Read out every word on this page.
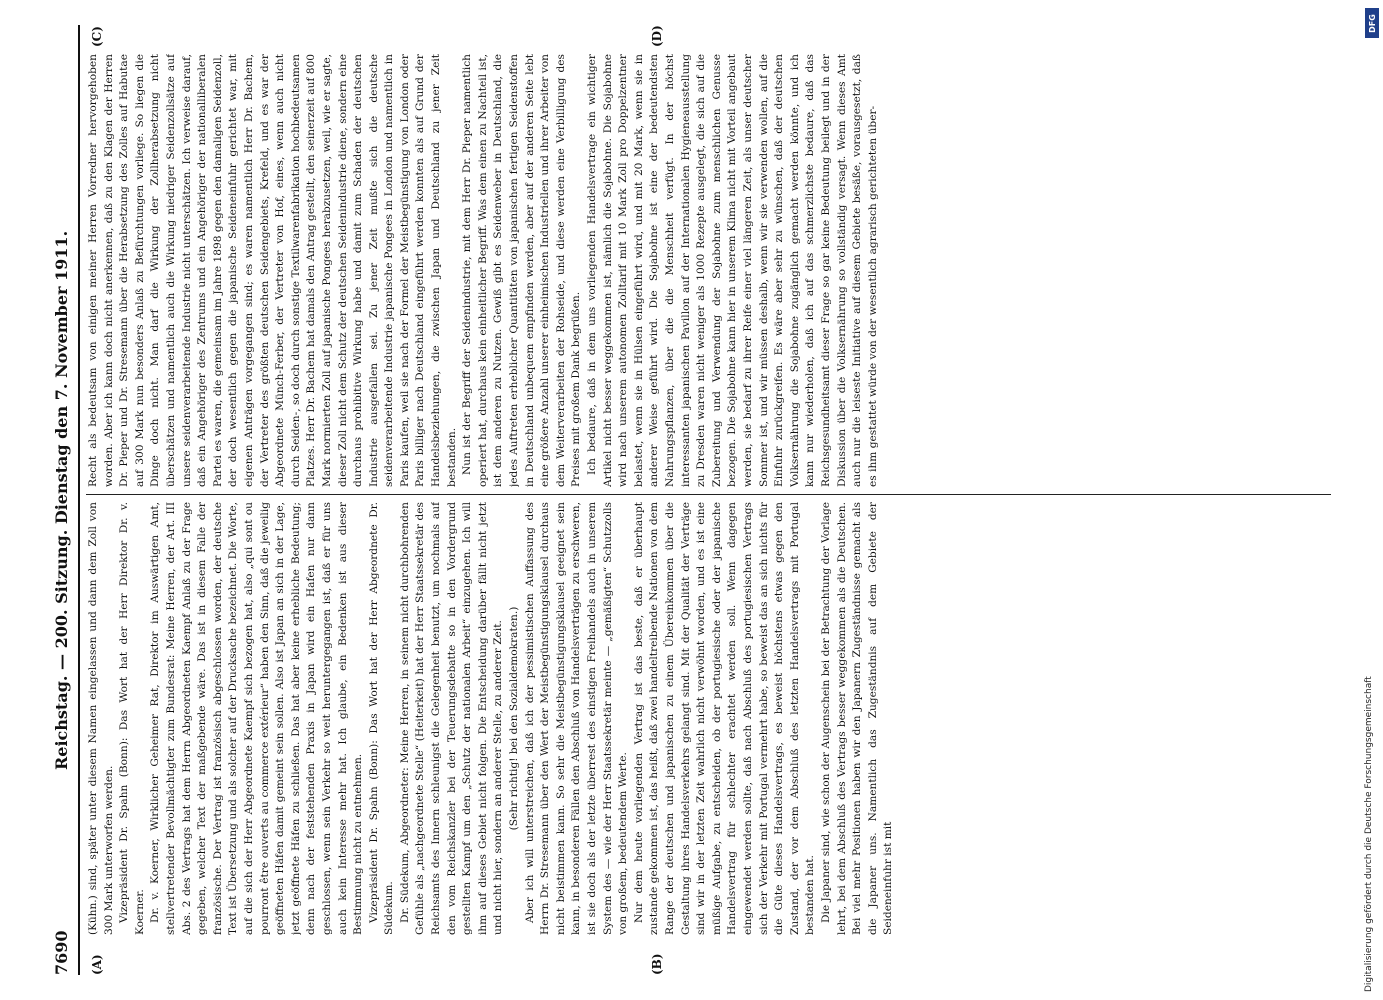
7690
Reichstag. — 200. Sitzung. Dienstag den 7. November 1911.
(A)	(B)

(Kühn.) sind, später unter diesem Namen eingelassen und dann dem Zoll von 300 Mark unterworfen werden. Vizepräsident Dr. Spahn (Bonn): Das Wort hat der Herr Direktor Dr. v. Koerner. Dr. v. Koerner, Wirklicher Geheimer Rat, Direktor im Auswärtigen Amt, stellvertretender Bevollmächtigter zum Bundesrat: Meine Herren, der Art. III Abs. 2 des Vertrags hat dem Herrn Abgeordneten Kaempf Anlaß zu der Frage gegeben, welcher Text der maßgebende wäre. Das ist in diesem Falle der französische. Der Vertrag ist französisch abgeschlossen worden, der deutsche Text ist Übersetzung und als solcher auf der Drucksache bezeichnet. Die Worte, auf die sich der Herr Abgeordnete Kaempf sich bezogen hat, also „qui sont ou pourront être ouverts au commerce extérieur“ haben den Sinn, daß die jeweilig geöffneten Häfen damit gemeint sein sollen. Also ist Japan an sich in der Lage, jetzt geöffnete Häfen zu schließen. Das hat aber keine erhebliche Bedeutung; denn nach der feststehenden Praxis in Japan wird ein Hafen nur dann geschlossen, wenn sein Verkehr so weit heruntergegangen ist, daß er für uns auch kein Interesse mehr hat. Ich glaube, ein Bedenken ist aus dieser Bestimmung nicht zu entnehmen. Vizepräsident Dr. Spahn (Bonn): Das Wort hat der Herr Abgeordnete Dr. Südekum. Dr. Südekum, Abgeordneter: Meine Herren, in seinem nicht durchbohrenden Gefühle als „nachgeordnete Stelle“ (Heiterkeit) hat der Herr Staatssekretär des Reichsamts des Innern schleunigst die Gelegenheit benutzt, um nochmals auf den vom Reichskanzler bei der Teuerungsdebatte so in den Vordergrund gestellten Kampf um den „Schutz der nationalen Arbeit“ einzugehen. Ich will ihm auf dieses Gebiet nicht folgen. Die Entscheidung darüber fällt nicht jetzt und nicht hier, sondern an anderer Stelle, zu anderer Zeit. (Sehr richtig! bei den Sozialdemokraten.) Aber ich will unterstreichen, daß ich der pessimistischen Auffassung des Herrn Dr. Stresemann über den Wert der Meistbegünstigungsklausel durchaus nicht beistimmen kann. So sehr die Meistbegünstigungsklausel geeignet sein kann, in besonderen Fällen den Abschluß von Handelsverträgen zu erschweren, ist sie doch als der letzte überrest des einstigen Freihandels auch in unserem System des — wie der Herr Staatssekretär meinte — „gemäßigten“ Schutzzolls von großem, bedeutendem Werte. Nur dem heute vorliegenden Vertrag ist das beste, daß er überhaupt zustande gekommen ist, das heißt, daß zwei handeltreibende Nationen von dem Range der deutschen und japanischen zu einem Übereinkommen über die Gestaltung ihres Handelsverkehrs gelangt sind. Mit der Qualität der Verträge sind wir in der letzten Zeit wahrlich nicht verwöhnt worden, und es ist eine müßige Aufgabe, zu entscheiden, ob der portugiesische oder der japanische Handelsvertrag für schlechter erachtet werden soll. Wenn dagegen eingewendet werden sollte, daß nach Abschluß des portugiesischen Vertrags sich der Verkehr mit Portugal vermehrt habe, so beweist das an sich nichts für die Güte dieses Handelsvertrags, es beweist höchstens etwas gegen den Zustand, der vor dem Abschluß des letzten Handelsvertrags mit Portugal bestanden hat. Die Japaner sind, wie schon der Augenschein bei der Betrachtung der Vorlage lehrt, bei dem Abschluß des Vertrags besser weggekommen als die Deutschen. Bei viel mehr Positionen haben wir den Japanern Zugeständnisse gemacht als die Japaner uns. Namentlich das Zugeständnis auf dem Gebiete der Seideneinfuhr ist mit

Recht als bedeutsam von einigen meiner Herren Vorredner hervorgehoben worden. Aber ich kann doch nicht anerkennen, daß zu den Klagen der Herren Dr. Pieper und Dr. Stresemann über die Herabsetzung des Zolles auf Habutae auf 300 Mark nun besonders Anlaß zu Befürchtungen vorliege. So liegen die Dinge doch nicht. Man darf die Wirkung der Zollherabsetzung nicht überschätzen und namentlich auch die Wirkung niedriger Seidenzollsätze auf unsere seidenverarbeitende Industrie nicht unterschätzen. Ich verweise darauf, daß ein Angehöriger des Zentrums und ein Angehöriger der nationalliberalen Partei es waren, die gemeinsam im Jahre 1898 gegen den damaligen Seidenzoll, der doch wesentlich gegen die japanische Seideneinfuhr gerichtet war, mit eigenen Anträgen vorgegangen sind; es waren namentlich Herr Dr. Bachem, der Vertreter des größten deutschen Seidengebiets, Krefeld, und es war der Abgeordnete Münch-Ferber, der Vertreter von Hof, eines, wenn auch nicht durch Seiden-, so doch durch sonstige Textilwarenfabrikation hochbedeutsamen Platzes. Herr Dr. Bachem hat damals den Antrag gestellt, den seinerzeit auf 800 Mark normierten Zoll auf japanische Pongees herabzusetzen, weil, wie er sagte, dieser Zoll nicht dem Schutz der deutschen Seidenindustrie diene, sondern eine durchaus prohibitive Wirkung habe und damit zum Schaden der deutschen Industrie ausgefallen sei. Zu jener Zeit mußte sich die deutsche seidenverarbeitende Industrie japanische Pongees in London und namentlich in Paris kaufen, weil sie nach der Formel der Meistbegünstigung von London oder Paris billiger nach Deutschland eingeführt werden konnten als auf Grund der Handelsbeziehungen, die zwischen Japan und Deutschland zu jener Zeit bestanden. Nun ist der Begriff der Seidenindustrie, mit dem Herr Dr. Pieper namentlich operiert hat, durchaus kein einheitlicher Begriff. Was dem einen zu Nachteil ist, ist dem anderen zu Nutzen. Gewiß gibt es Seidenweber in Deutschland, die jedes Auftreten erheblicher Quantitäten von japanischen fertigen Seidenstoffen in Deutschland unbequem empfinden werden, aber auf der anderen Seite lebt eine größere Anzahl unserer einheimischen Industriellen und ihrer Arbeiter von dem Weiterverarbeiten der Rohseide, und diese werden eine Verbilligung des Preises mit großem Dank begrüßen. Ich bedaure, daß in dem uns vorliegenden Handelsvertrage ein wichtiger Artikel nicht besser weggekommen ist, nämlich die Sojabohne. Die Sojabohne wird nach unserem autonomen Zolltarif mit 10 Mark Zoll pro Doppelzentner belastet, wenn sie in Hülsen eingeführt wird, und mit 20 Mark, wenn sie in anderer Weise geführt wird. Die Sojabohne ist eine der bedeutendsten Nahrungspflanzen, über die die Menschheit verfügt. In der höchst interessanten japanischen Pavillon auf der Internationalen Hygieneausstellung zu Dresden waren nicht weniger als 1000 Rezepte ausgelegt, die sich auf die Zubereitung und Verwendung der Sojabohne zum menschlichen Genusse bezogen. Die Sojabohne kann hier in unserem Klima nicht mit Vorteil angebaut werden, sie bedarf zu ihrer Reife einer viel längeren Zeit, als unser deutscher Sommer ist, und wir müssen deshalb, wenn wir sie verwenden wollen, auf die Einfuhr zurückgreifen. Es wäre aber sehr zu wünschen, daß der deutschen Volksernährung die Sojabohne zugänglich gemacht werden könnte, und ich kann nur wiederholen, daß ich auf das schmerzlichste bedaure, daß das Reichsgesundheitsamt dieser Frage so gar keine Bedeutung beilegt und in der Diskussion über die Volksernährung so vollständig versagt. Wenn dieses Amt auch nur die leiseste Initiative auf diesem Gebiete besäße, vorausgesetzt, daß es ihm gestattet würde von der wesentlich agrarisch gerichteten über-

(C)	(D)
DFG
Digitalisierung gefördert durch die Deutsche Forschungsgemeinschaft
